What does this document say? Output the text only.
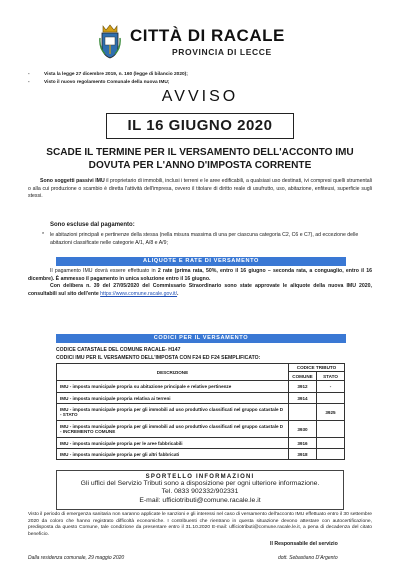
CITTÀ DI RACALE
PROVINCIA DI LECCE
-	Vista la legge 27 dicembre 2019, n. 160 (legge di bilancio 2020);
-	Visto il nuovo regolamento Comunale della nuova IMU;
AVVISO
IL 16 GIUGNO 2020
SCADE IL TERMINE PER IL VERSAMENTO DELL'ACCONTO IMU
DOVUTA PER L'ANNO D'IMPOSTA CORRENTE
Sono soggetti passivi IMU il proprietario di immobili, inclusi i terreni e le aree edificabili, a qualsiasi uso destinati, ivi compresi quelli strumentali o alla cui produzione o scambio è diretta l'attività dell'impresa, ovvero il titolare di diritto reale di usufrutto, uso, abitazione, enfiteusi, superficie sugli stessi.
Sono escluse dal pagamento:
*	le abitazioni principali e pertinenze della stessa (nella misura massima di una per ciascuna categoria C2, C6 e C7), ad eccezione delle abitazioni classificate nelle categorie A/1, A/8 e A/9;
ALIQUOTE E RATE DI VERSAMENTO
Il pagamento IMU dovrà essere effettuato in 2 rate (prima rata, 50%, entro il 16 giugno – seconda rata, a conguaglio, entro il 16 dicembre). È ammesso il pagamento in unica soluzione entro il 16 giugno.
Con delibera n. 39 del 27/05/2020 del Commissario Straordinario sono state approvate le aliquote della nuova IMU 2020, consultabili sul sito dell'ente https://www.comune.racale.gov.it/.
CODICI PER IL VERSAMENTO
CODICE CATASTALE DEL COMUNE RACALE- H147
CODICI IMU PER IL VERSAMENTO DELL'IMPOSTA CON F24 ED F24 SEMPLIFICATO:
DESCRIZIONE	CODICE TRIBUTO	
	COMUNE	STATO
IMU - imposta municipale propria su abitazione principale e relative pertinenze	3912	-
IMU - imposta municipale propria relativa ai terreni	3914	
IMU - imposta municipale propria per gli immobili ad uso produttivo classificati nel gruppo catastale D - STATO		3925
IMU - imposta municipale propria per gli immobili ad uso produttivo classificati nel gruppo catastale D - INCREMENTO COMUNE	3930	
IMU - imposta municipale propria per le aree fabbricabili	3916	
IMU - imposta municipale propria per gli altri fabbricati	3918	
SPORTELLO INFORMAZIONI
Gli uffici del Servizio Tributi sono a disposizione per ogni ulteriore informazione.
Tel. 0833 902332/902331
E-mail: ufficiotributi@comune.racale.le.it
Visto il periodo di emergenza sanitaria non saranno applicate le sanzioni e gli interessi nel caso di versamento dell'acconto IMU effettuato entro il 30 settembre 2020 da coloro che hanno registrato difficoltà economiche. I contribuenti che rientrano in questa situazione devono attestare con autocertificazione, predisposta da questo Comune, tale condizione da presentare entro il 31.10.2020 E-mail: ufficiotributi@comune.racale.le.it, a pena di decadenza del citato beneficio.
Il Responsabile del servizio
Dalla residenza comunale, 29 maggio 2020	dott. Sebastiano D'Argento
